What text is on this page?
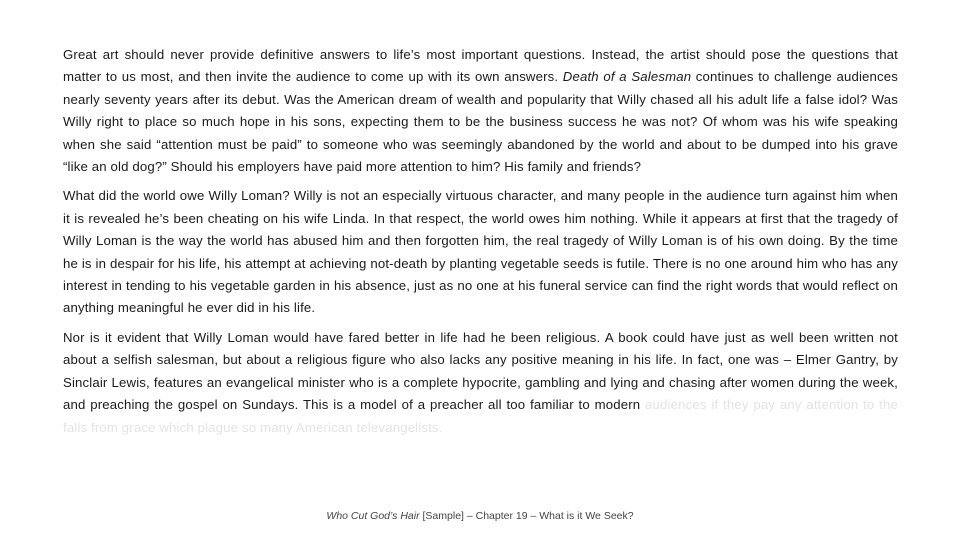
Great art should never provide definitive answers to life’s most important questions. Instead, the artist should pose the questions that matter to us most, and then invite the audience to come up with its own answers. Death of a Salesman continues to challenge audiences nearly seventy years after its debut. Was the American dream of wealth and popularity that Willy chased all his adult life a false idol? Was Willy right to place so much hope in his sons, expecting them to be the business success he was not? Of whom was his wife speaking when she said “attention must be paid” to someone who was seemingly abandoned by the world and about to be dumped into his grave “like an old dog?” Should his employers have paid more attention to him? His family and friends?

What did the world owe Willy Loman? Willy is not an especially virtuous character, and many people in the audience turn against him when it is revealed he’s been cheating on his wife Linda. In that respect, the world owes him nothing. While it appears at first that the tragedy of Willy Loman is the way the world has abused him and then forgotten him, the real tragedy of Willy Loman is of his own doing. By the time he is in despair for his life, his attempt at achieving not-death by planting vegetable seeds is futile. There is no one around him who has any interest in tending to his vegetable garden in his absence, just as no one at his funeral service can find the right words that would reflect on anything meaningful he ever did in his life.

Nor is it evident that Willy Loman would have fared better in life had he been religious. A book could have just as well been written not about a selfish salesman, but about a religious figure who also lacks any positive meaning in his life. In fact, one was – Elmer Gantry, by Sinclair Lewis, features an evangelical minister who is a complete hypocrite, gambling and lying and chasing after women during the week, and preaching the gospel on Sundays. This is a model of a preacher all too familiar to modern audiences if they pay any attention to the falls from grace which plague so many American televangelists.

Who Cut God’s Hair [Sample] – Chapter 19 – What is it We Seek?
